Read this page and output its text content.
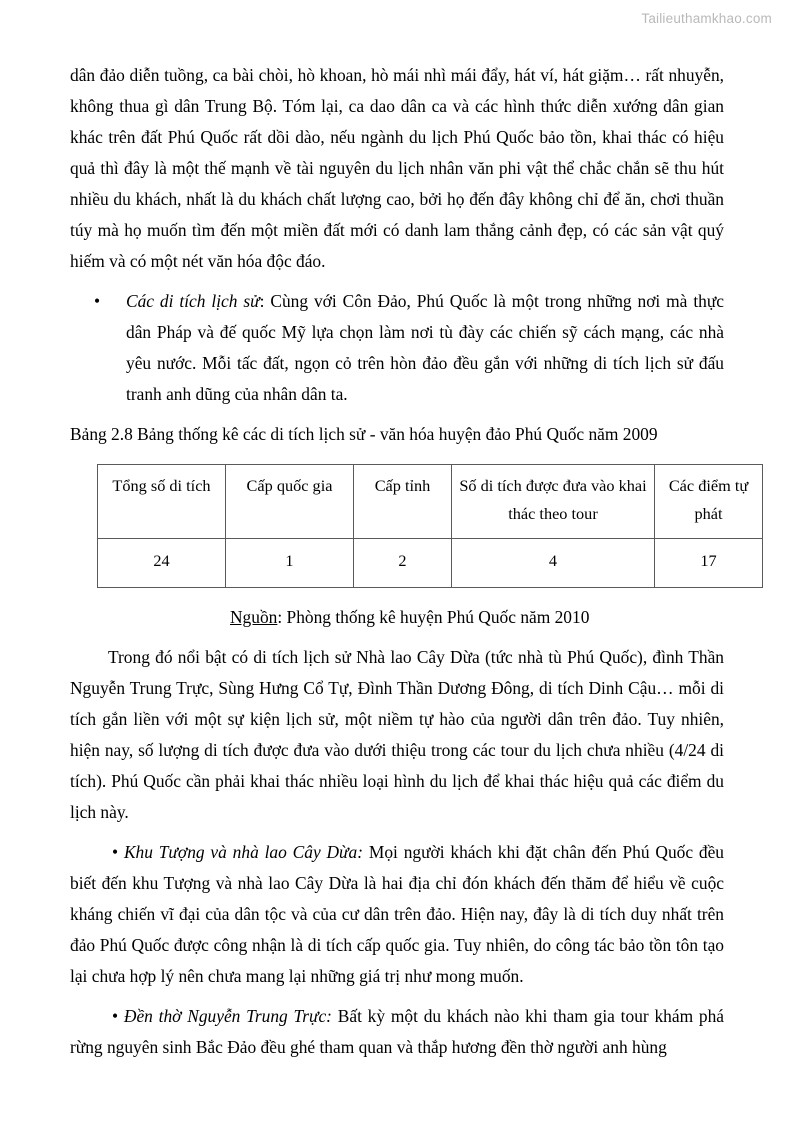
Tailieuthamkhao.com

dân đảo diễn tuồng, ca bài chòi, hò khoan, hò mái nhì mái đẩy, hát ví, hát giặm… rất nhuyễn, không thua gì dân Trung Bộ. Tóm lại, ca dao dân ca và các hình thức diễn xướng dân gian khác trên đất Phú Quốc rất dồi dào, nếu ngành du lịch Phú Quốc bảo tồn, khai thác có hiệu quả thì đây là một thế mạnh về tài nguyên du lịch nhân văn phi vật thể chắc chắn sẽ thu hút nhiều du khách, nhất là du khách chất lượng cao, bởi họ đến đây không chỉ để ăn, chơi thuần túy mà họ muốn tìm đến một miền đất mới có danh lam thắng cảnh đẹp, có các sản vật quý hiếm và có một nét văn hóa độc đáo.

• Các di tích lịch sử: Cùng với Côn Đảo, Phú Quốc là một trong những nơi mà thực dân Pháp và đế quốc Mỹ lựa chọn làm nơi tù đày các chiến sỹ cách mạng, các nhà yêu nước. Mỗi tấc đất, ngọn cỏ trên hòn đảo đều gắn với những di tích lịch sử đấu tranh anh dũng của nhân dân ta.

Bảng 2.8 Bảng thống kê các di tích lịch sử - văn hóa huyện đảo Phú Quốc năm 2009

Tổng số di tích	Cấp quốc gia	Cấp tỉnh	Số di tích được đưa vào khai thác theo tour	Các điểm tự phát
24	1	2	4	17

Nguồn: Phòng thống kê huyện Phú Quốc năm 2010

Trong đó nổi bật có di tích lịch sử Nhà lao Cây Dừa (tức nhà tù Phú Quốc), đình Thần Nguyễn Trung Trực, Sùng Hưng Cổ Tự, Đình Thần Dương Đông, di tích Dinh Cậu… mỗi di tích gắn liền với một sự kiện lịch sử, một niềm tự hào của người dân trên đảo. Tuy nhiên, hiện nay, số lượng di tích được đưa vào dưới thiệu trong các tour du lịch chưa nhiều (4/24 di tích). Phú Quốc cần phải khai thác nhiều loại hình du lịch để khai thác hiệu quả các điểm du lịch này.

• Khu Tượng và nhà lao Cây Dừa: Mọi người khách khi đặt chân đến Phú Quốc đều biết đến khu Tượng và nhà lao Cây Dừa là hai địa chỉ đón khách đến thăm để hiểu về cuộc kháng chiến vĩ đại của dân tộc và của cư dân trên đảo. Hiện nay, đây là di tích duy nhất trên đảo Phú Quốc được công nhận là di tích cấp quốc gia. Tuy nhiên, do công tác bảo tồn tôn tạo lại chưa hợp lý nên chưa mang lại những giá trị như mong muốn.

• Đền thờ Nguyễn Trung Trực: Bất kỳ một du khách nào khi tham gia tour khám phá rừng nguyên sinh Bắc Đảo đều ghé tham quan và thắp hương đền thờ người anh hùng
